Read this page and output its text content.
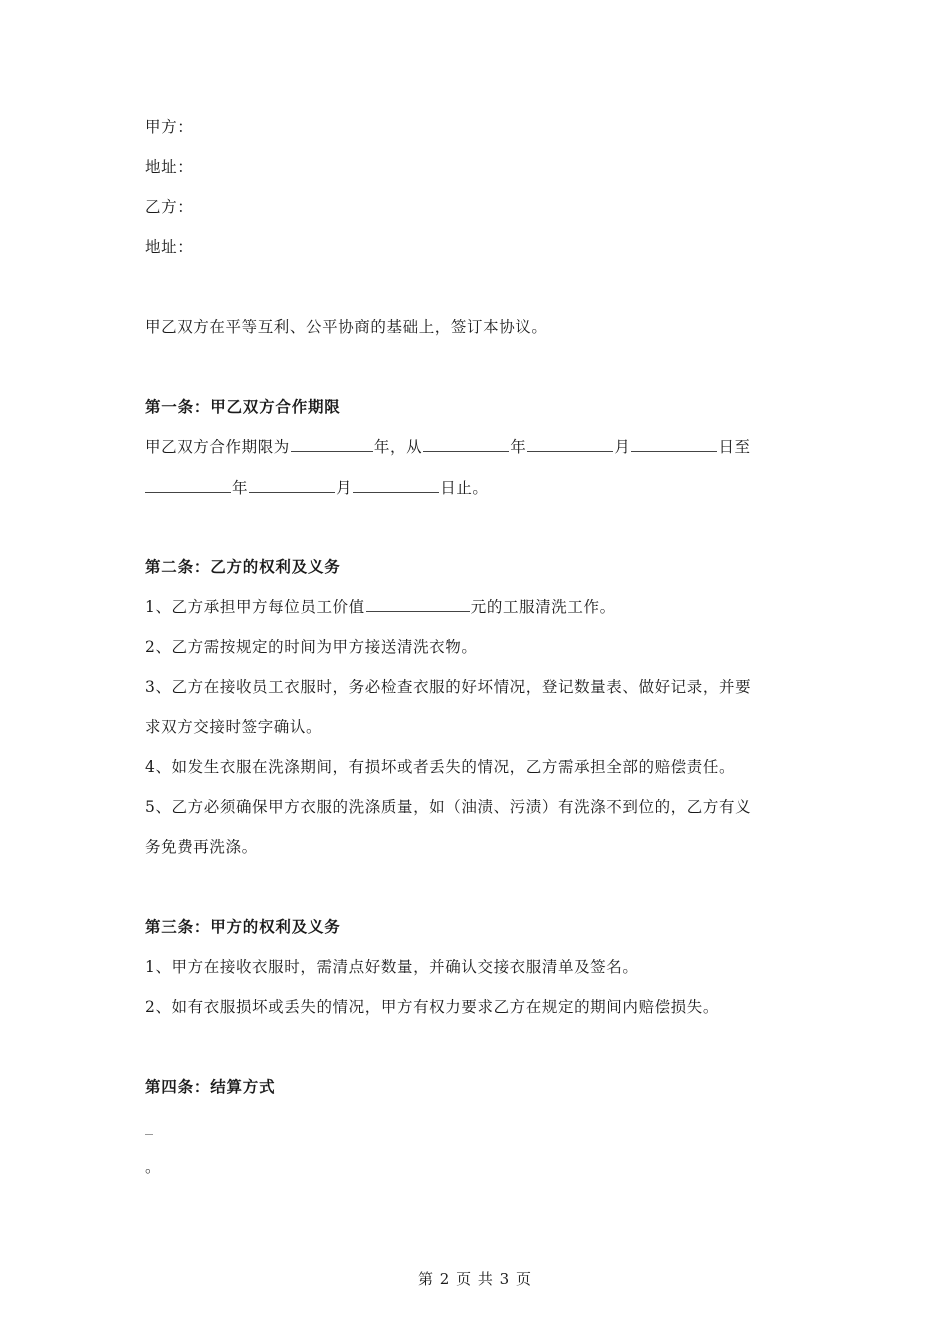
甲方：
地址：
乙方：
地址：
甲乙双方在平等互利、公平协商的基础上，签订本协议。
第一条：甲乙双方合作期限
甲乙双方合作期限为	年，从	年	月	日至
年	月	日止。
第二条：乙方的权利及义务
1、乙方承担甲方每位员工价值	元的工服清洗工作。
2、乙方需按规定的时间为甲方接送清洗衣物。
3、乙方在接收员工衣服时，务必检查衣服的好坏情况，登记数量表、做好记录，并要
求双方交接时签字确认。
4、如发生衣服在洗涤期间，有损坏或者丢失的情况，乙方需承担全部的赔偿责任。
5、乙方必须确保甲方衣服的洗涤质量，如（油渍、污渍）有洗涤不到位的，乙方有义
务免费再洗涤。
第三条：甲方的权利及义务
1、甲方在接收衣服时，需清点好数量，并确认交接衣服清单及签名。
2、如有衣服损坏或丢失的情况，甲方有权力要求乙方在规定的期间内赔偿损失。
第四条：结算方式
。
第 2 页 共 3 页
